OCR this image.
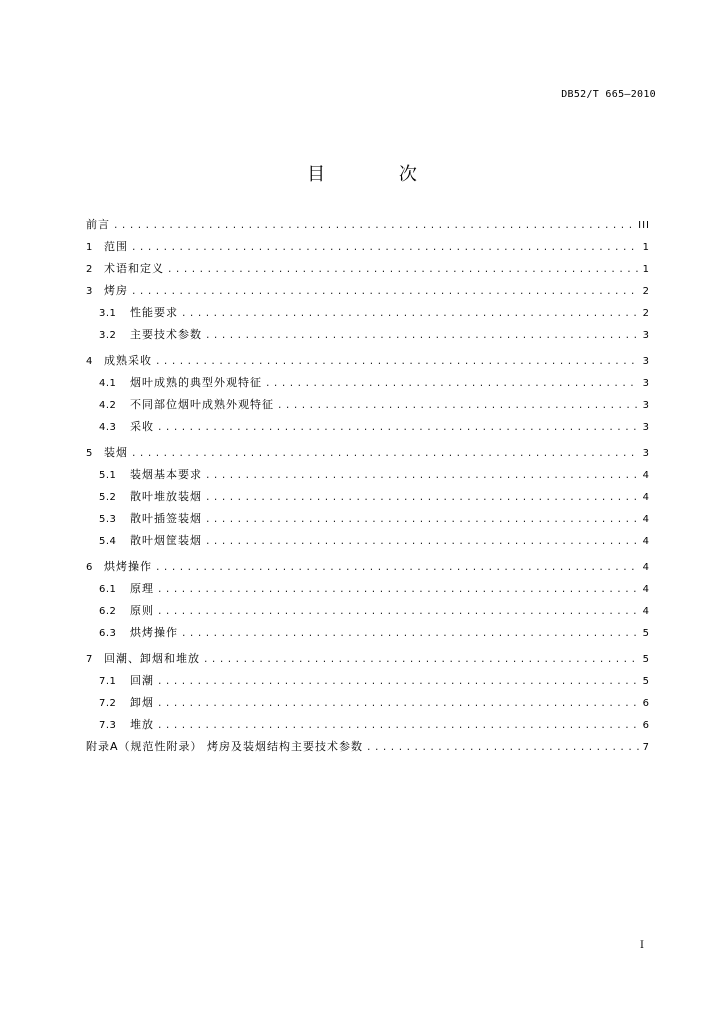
DB52/T 665—2010
目 次
前言 .....	III
1	范围 .....	1
2	术语和定义 .....	1
3	烤房 .....	2
3.1	性能要求 .....	2
3.2	主要技术参数 .....	3
4	成熟采收 .....	3
4.1	烟叶成熟的典型外观特征 .....	3
4.2	不同部位烟叶成熟外观特征 .....	3
4.3	采收 .....	3
5	装烟 .....	3
5.1	装烟基本要求 .....	4
5.2	散叶堆放装烟 .....	4
5.3	散叶插签装烟 .....	4
5.4	散叶烟筐装烟 .....	4
6	烘烤操作 .....	4
6.1	原理 .....	4
6.2	原则 .....	4
6.3	烘烤操作 .....	5
7	回潮、卸烟和堆放 .....	5
7.1	回潮 .....	5
7.2	卸烟 .....	6
7.3	堆放 .....	6
附录A（规范性附录） 烤房及装烟结构主要技术参数 .....	7
I
